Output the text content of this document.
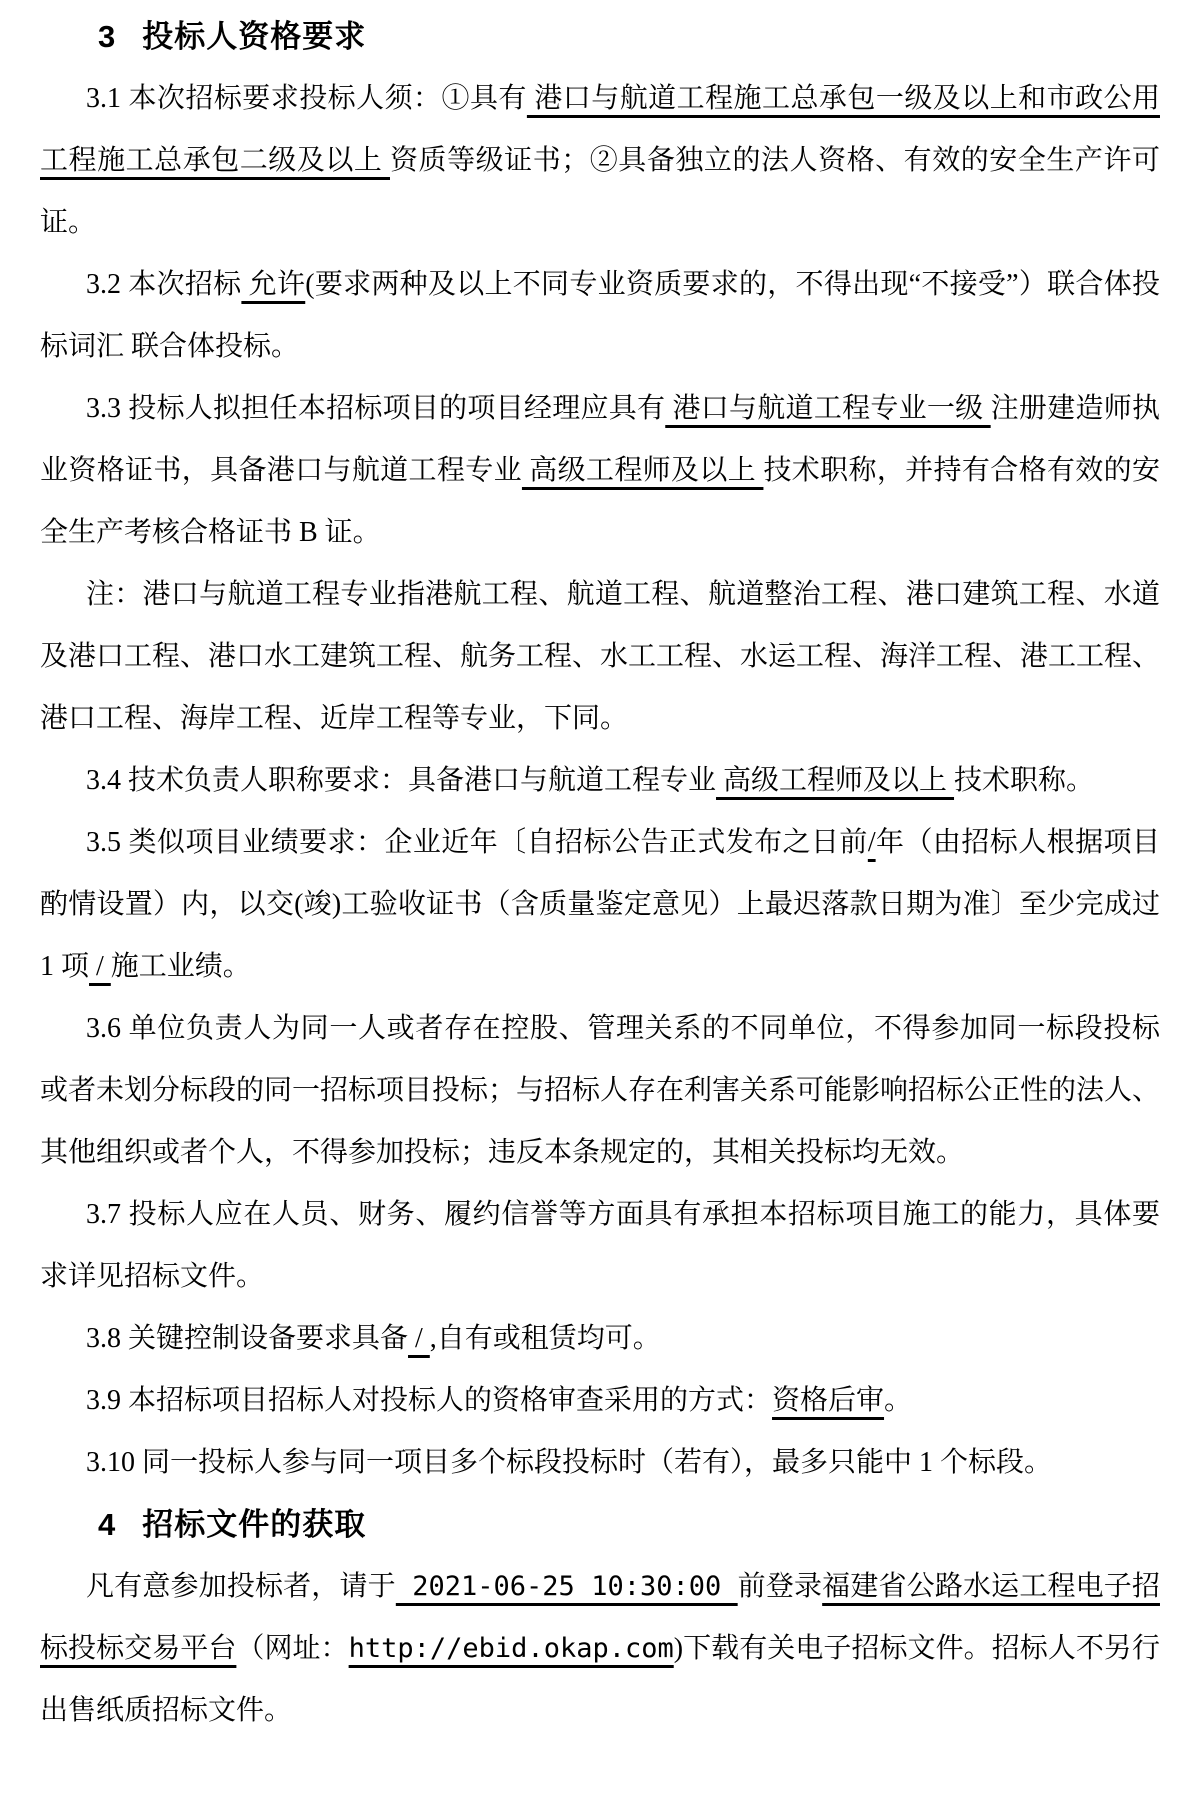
3 投标人资格要求

3.1 本次招标要求投标人须：①具有 港口与航道工程施工总承包一级及以上和市政公用工程施工总承包二级及以上 资质等级证书；②具备独立的法人资格、有效的安全生产许可证。

3.2 本次招标 允许(要求两种及以上不同专业资质要求的，不得出现“不接受”）联合体投标词汇 联合体投标。

3.3 投标人拟担任本招标项目的项目经理应具有 港口与航道工程专业一级 注册建造师执业资格证书，具备港口与航道工程专业 高级工程师及以上 技术职称，并持有合格有效的安全生产考核合格证书 B 证。

注：港口与航道工程专业指港航工程、航道工程、航道整治工程、港口建筑工程、水道及港口工程、港口水工建筑工程、航务工程、水工工程、水运工程、海洋工程、港工工程、港口工程、海岸工程、近岸工程等专业，下同。

3.4 技术负责人职称要求：具备港口与航道工程专业 高级工程师及以上 技术职称。

3.5 类似项目业绩要求：企业近年〔自招标公告正式发布之日前/年（由招标人根据项目酌情设置）内，以交(竣)工验收证书（含质量鉴定意见）上最迟落款日期为准〕至少完成过 1 项 / 施工业绩。

3.6 单位负责人为同一人或者存在控股、管理关系的不同单位，不得参加同一标段投标或者未划分标段的同一招标项目投标；与招标人存在利害关系可能影响招标公正性的法人、其他组织或者个人，不得参加投标；违反本条规定的，其相关投标均无效。

3.7 投标人应在人员、财务、履约信誉等方面具有承担本招标项目施工的能力，具体要求详见招标文件。

3.8 关键控制设备要求具备 / ,自有或租赁均可。

3.9 本招标项目招标人对投标人的资格审查采用的方式：资格后审。

3.10 同一投标人参与同一项目多个标段投标时（若有），最多只能中 1 个标段。

4 招标文件的获取

凡有意参加投标者，请于 2021-06-25 10:30:00 前登录福建省公路水运工程电子招标投标交易平台（网址：http://ebid.okap.com)下载有关电子招标文件。招标人不另行出售纸质招标文件。
